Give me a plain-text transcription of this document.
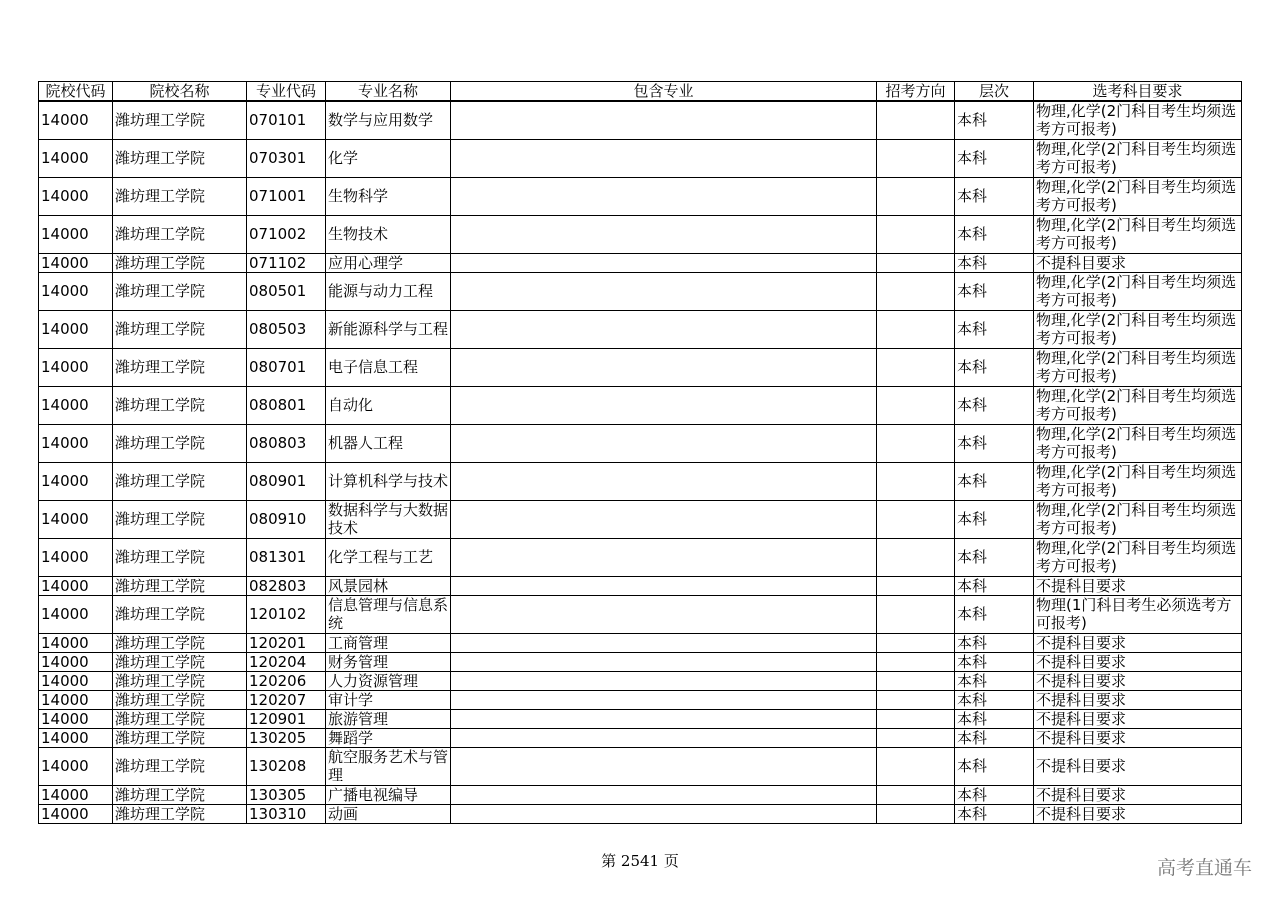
院校代码	院校名称	专业代码	专业名称	包含专业	招考方向	层次	选考科目要求
14000	潍坊理工学院	070101	数学与应用数学			本科	物理,化学(2门科目考生均须选考方可报考)
14000	潍坊理工学院	070301	化学			本科	物理,化学(2门科目考生均须选考方可报考)
14000	潍坊理工学院	071001	生物科学			本科	物理,化学(2门科目考生均须选考方可报考)
14000	潍坊理工学院	071002	生物技术			本科	物理,化学(2门科目考生均须选考方可报考)
14000	潍坊理工学院	071102	应用心理学			本科	不提科目要求
14000	潍坊理工学院	080501	能源与动力工程			本科	物理,化学(2门科目考生均须选考方可报考)
14000	潍坊理工学院	080503	新能源科学与工程			本科	物理,化学(2门科目考生均须选考方可报考)
14000	潍坊理工学院	080701	电子信息工程			本科	物理,化学(2门科目考生均须选考方可报考)
14000	潍坊理工学院	080801	自动化			本科	物理,化学(2门科目考生均须选考方可报考)
14000	潍坊理工学院	080803	机器人工程			本科	物理,化学(2门科目考生均须选考方可报考)
14000	潍坊理工学院	080901	计算机科学与技术			本科	物理,化学(2门科目考生均须选考方可报考)
14000	潍坊理工学院	080910	数据科学与大数据技术			本科	物理,化学(2门科目考生均须选考方可报考)
14000	潍坊理工学院	081301	化学工程与工艺			本科	物理,化学(2门科目考生均须选考方可报考)
14000	潍坊理工学院	082803	风景园林			本科	不提科目要求
14000	潍坊理工学院	120102	信息管理与信息系统			本科	物理(1门科目考生必须选考方可报考)
14000	潍坊理工学院	120201	工商管理			本科	不提科目要求
14000	潍坊理工学院	120204	财务管理			本科	不提科目要求
14000	潍坊理工学院	120206	人力资源管理			本科	不提科目要求
14000	潍坊理工学院	120207	审计学			本科	不提科目要求
14000	潍坊理工学院	120901	旅游管理			本科	不提科目要求
14000	潍坊理工学院	130205	舞蹈学			本科	不提科目要求
14000	潍坊理工学院	130208	航空服务艺术与管理			本科	不提科目要求
14000	潍坊理工学院	130305	广播电视编导			本科	不提科目要求
14000	潍坊理工学院	130310	动画			本科	不提科目要求
第 2541 页	高考直通车
